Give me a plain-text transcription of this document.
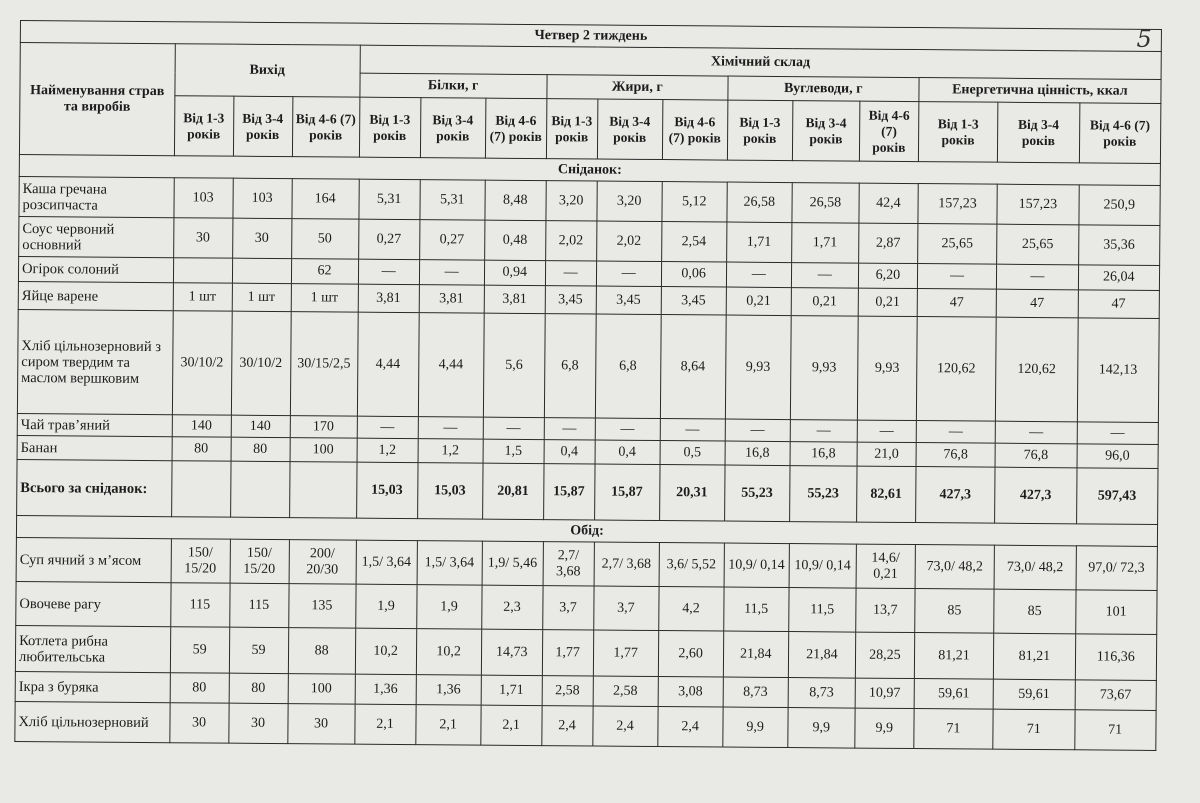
5
Четвер 2 тиждень															
Найменування страв та виробів	Вихід			Хімічний склад											
				Білки, г			Жири, г			Вуглеводи, г			Енергетична цінність, ккал		
	Від 1-3 років	Від 3-4 років	Від 4-6 (7) років	Від 1-3 років	Від 3-4 років	Від 4-6 (7) років	Від 1-3 років	Від 3-4 років	Від 4-6 (7) років	Від 1-3 років	Від 3-4 років	Від 4-6 (7) років	Від 1-3 років	Від 3-4 років	Від 4-6 (7) років
Сніданок:															
Каша гречана розсипчаста	103	103	164	5,31	5,31	8,48	3,20	3,20	5,12	26,58	26,58	42,4	157,23	157,23	250,9
Соус червоний основний	30	30	50	0,27	0,27	0,48	2,02	2,02	2,54	1,71	1,71	2,87	25,65	25,65	35,36
Огірок солоний			62	—	—	0,94	—	—	0,06	—	—	6,20	—	—	26,04
Яйце варене	1 шт	1 шт	1 шт	3,81	3,81	3,81	3,45	3,45	3,45	0,21	0,21	0,21	47	47	47
Хліб цільнозерновий з сиром твердим та маслом вершковим	30/10/2	30/10/2	30/15/2,5	4,44	4,44	5,6	6,8	6,8	8,64	9,93	9,93	9,93	120,62	120,62	142,13
Чай трав’яний	140	140	170	—	—	—	—	—	—	—	—	—	—	—	—
Банан	80	80	100	1,2	1,2	1,5	0,4	0,4	0,5	16,8	16,8	21,0	76,8	76,8	96,0
Всього за сніданок:				15,03	15,03	20,81	15,87	15,87	20,31	55,23	55,23	82,61	427,3	427,3	597,43
Обід:															
Суп ячний з м’ясом	150/ 15/20	150/ 15/20	200/ 20/30	1,5/ 3,64	1,5/ 3,64	1,9/ 5,46	2,7/ 3,68	2,7/ 3,68	3,6/ 5,52	10,9/ 0,14	10,9/ 0,14	14,6/ 0,21	73,0/ 48,2	73,0/ 48,2	97,0/ 72,3
Овочеве рагу	115	115	135	1,9	1,9	2,3	3,7	3,7	4,2	11,5	11,5	13,7	85	85	101
Котлета рибна любительська	59	59	88	10,2	10,2	14,73	1,77	1,77	2,60	21,84	21,84	28,25	81,21	81,21	116,36
Ікра з буряка	80	80	100	1,36	1,36	1,71	2,58	2,58	3,08	8,73	8,73	10,97	59,61	59,61	73,67
Хліб цільнозерновий	30	30	30	2,1	2,1	2,1	2,4	2,4	2,4	9,9	9,9	9,9	71	71	71
